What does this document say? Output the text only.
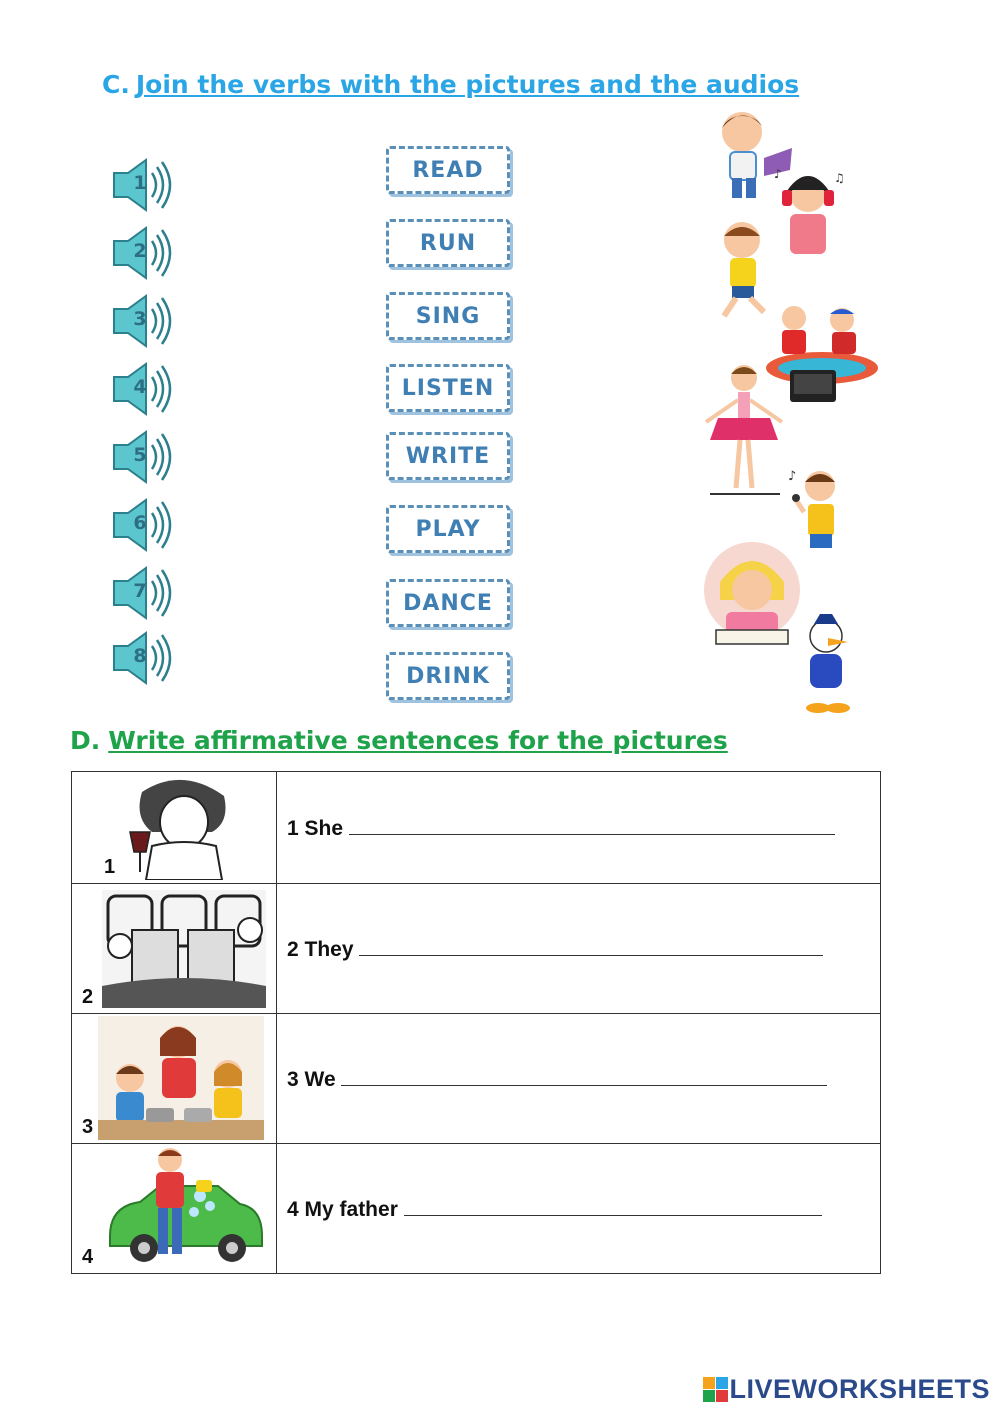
C. Join the verbs with the pictures and the audios
♪	♫
♪
D. Write affirmative sentences for the pictures
1	1 She

2	2 They

3	3 We

4	4 My father
LIVEWORKSHEETS
1
2
3
4
5
6
7
8
READ
RUN
SING
LISTEN
WRITE
PLAY
DANCE
DRINK
